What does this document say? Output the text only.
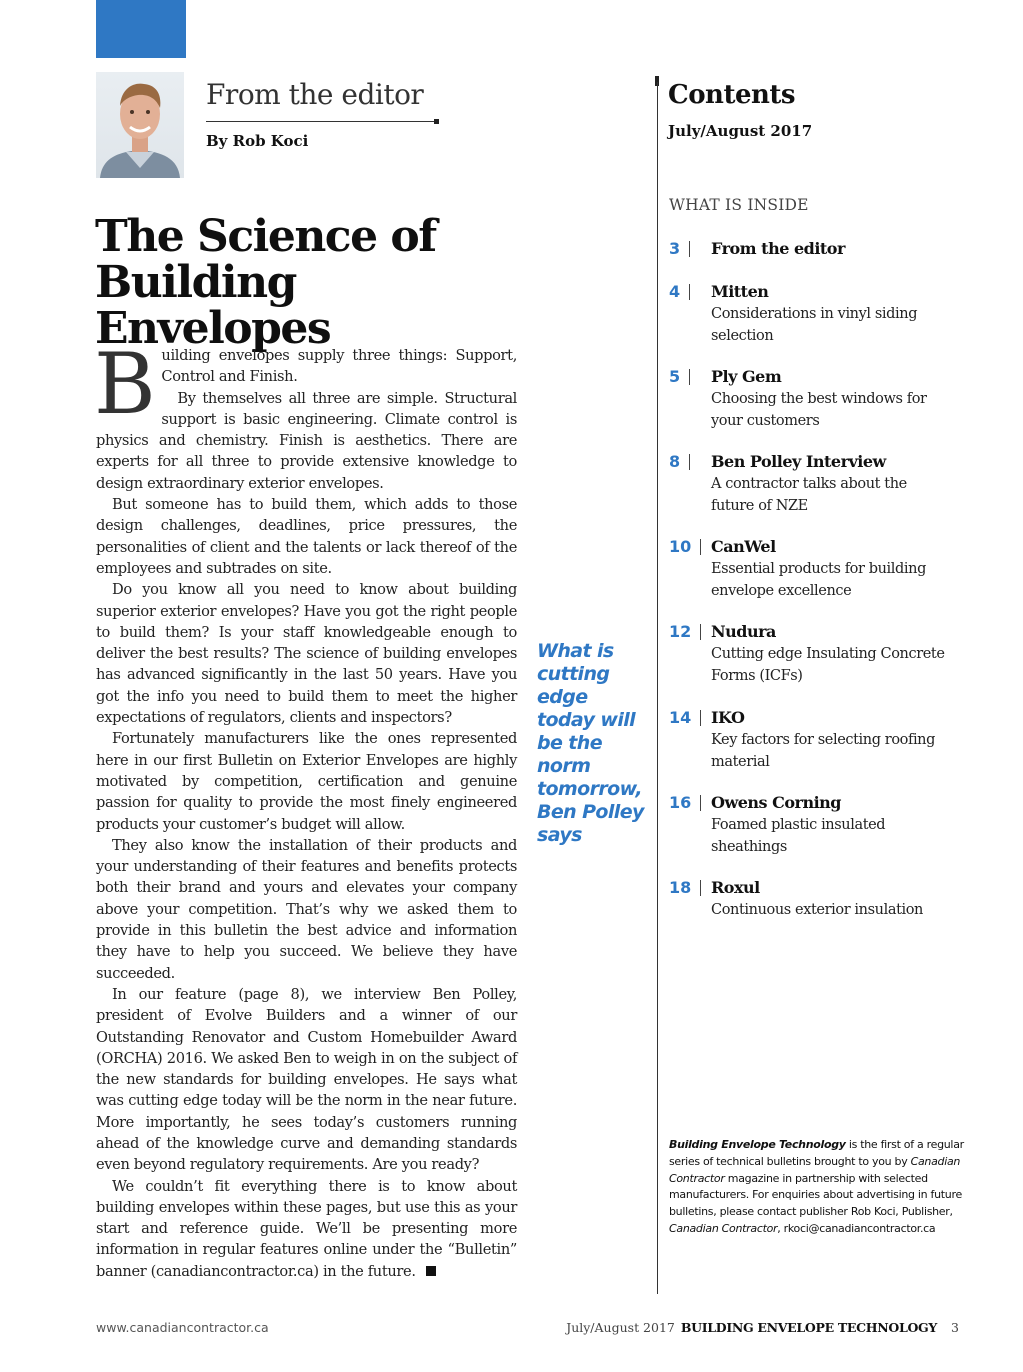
From the editor
By Rob Koci
The Science of Building
Envelopes

Building envelopes supply three things: Support, Control and Finish.

By themselves all three are simple. Structural support is basic engineering. Climate control is physics and chemistry. Finish is aesthetics. There are experts for all three to provide extensive knowledge to design extraordinary exterior envelopes.

But someone has to build them, which adds to those design challenges, deadlines, price pressures, the personalities of client and the talents or lack thereof of the employees and subtrades on site.

Do you know all you need to know about building superior exterior envelopes? Have you got the right people to build them? Is your staff knowledgeable enough to deliver the best results? The science of building envelopes has advanced significantly in the last 50 years. Have you got the info you need to build them to meet the higher expectations of regulators, clients and inspectors?

Fortunately manufacturers like the ones represented here in our first Bulletin on Exterior Envelopes are highly motivated by competition, certification and genuine passion for quality to provide the most finely engineered products your customer’s budget will allow.

They also know the installation of their products and your understanding of their features and benefits protects both their brand and yours and elevates your company above your competition. That’s why we asked them to provide in this bulletin the best advice and information they have to help you succeed. We believe they have succeeded.

In our feature (page 8), we interview Ben Polley, president of Evolve Builders and a winner of our Outstanding Renovator and Custom Homebuilder Award (ORCHA) 2016. We asked Ben to weigh in on the subject of the new standards for building envelopes. He says what was cutting edge today will be the norm in the near future. More importantly, he sees today’s customers running ahead of the knowledge curve and demanding standards even beyond regulatory requirements. Are you ready?

We couldn’t fit everything there is to know about building envelopes within these pages, but use this as your start and reference guide. We’ll be presenting more information in regular features online under the “Bulletin” banner (canadiancontractor.ca) in the future.

What is cutting edge today will be the norm tomorrow, Ben Polley says
Contents
July/August 2017
WHAT IS INSIDE
3 From the editor
4 Mitten
Considerations in vinyl siding selection
5 Ply Gem
Choosing the best windows for your customers
8 Ben Polley Interview
A contractor talks about the future of NZE
10 CanWel
Essential products for building envelope excellence
12 Nudura
Cutting edge Insulating Concrete Forms (ICFs)
14 IKO
Key factors for selecting roofing material
16 Owens Corning
Foamed plastic insulated sheathings
18 Roxul
Continuous exterior insulation
Building Envelope Technology is the first of a regular series of technical bulletins brought to you by Canadian Contractor magazine in partnership with selected manufacturers. For enquiries about advertising in future bulletins, please contact publisher Rob Koci, Publisher, Canadian Contractor, rkoci@canadiancontractor.ca
www.canadiancontractor.ca	July/August 2017 BUILDING ENVELOPE TECHNOLOGY 3
